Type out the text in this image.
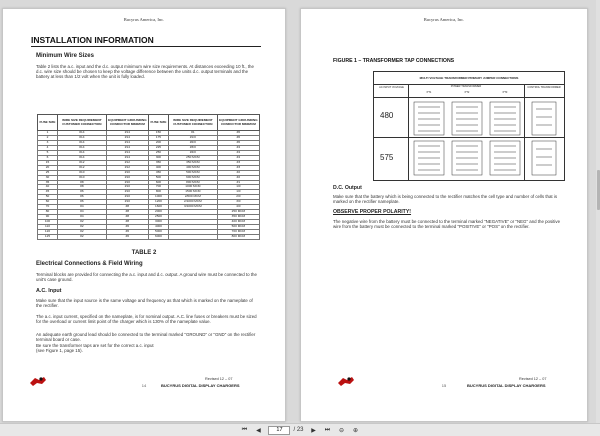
Bucyrus America, Inc.
INSTALLATION INFORMATION
Minimum Wire Sizes
Table 2 lists the a.c. input and the d.c. output minimum wire size requirements. At distances exceeding 10 ft., the d.c. wire size should be chosen to keep the voltage difference between the units d.c. output terminals and the battery at less than 1/2 volt when the unit is fully loaded.
FUSE SIZE	WIRE SIZE REQUIREMENT CUSTOMER CONNECTION	EQUIPMENT GROUNDING CONDUCTOR MINIMUM	FUSE SIZE	WIRE SIZE REQUIREMENT CUSTOMER CONNECTION	EQUIPMENT GROUNDING CONDUCTOR MINIMUM
1	#14	#14	150	#1	#6
2	#14	#14	175	#1/0	#6
3	#14	#14	200	#2/0	#6
4	#14	#14	225	#3/0	#4
5	#14	#14	250	#4/0	#4
6	#14	#14	300	250 MCM	#4
15	#12	#12	350	350 MCM	#3
20	#12	#12	400	400 MCM	#3
25	#10	#10	450	500 MCM	#2
30	#10	#10	500	600 MCM	#2
35	#8	#10	600	800 MCM	#1
40	#8	#10	700	1000 MCM	1/0
45	#6	#10	800	1500 MCM	1/0
50	#6	#10	1000	2/600 MCM	2/0
60	#6	#10	1200	2/1000 MCM	3/0
70	#4	#8	1600	3/1000 MCM	4/0
80	#4	#8	2000		250 MCM
90	#4	#8	2500		350 MCM
100	#2	#8	3000		400 MCM
110	#2	#6	4000		500 MCM
120	#2	#6	5000		700 MCM
125	#2	#6	6000		800 MCM
TABLE 2
Electrical Connections & Field Wiring
Terminal blocks are provided for connecting the a.c. input and d.c. output. A ground wire must be connected to the unit's case ground.
A.C. Input
Make sure that the input source is the same voltage and frequency as that which is marked on the nameplate of the rectifier.
The a.c. input current, specified on the nameplate, is for nominal output. A.C. line fuses or breakers must be sized for the overload or current limit point of the charger which is 130% of the nameplate value.
An adequate earth ground lead should be connected to the terminal marked "GROUND" or "GND" on the rectifier terminal board or case.
Be sure the transformer taps are set for the correct a.c. input
(see Figure 1, page 15).
14
Revised 12 – 07
BUCYRUS DIGITAL DISPLAY CHARGERS
Bucyrus America, Inc.
FIGURE 1 – TRANSFORMER TAP CONNECTIONS
MULTI VOLTAGE TRANSFORMER PRIMARY JUMPER CONNECTIONS
AC INPUT VOLTAGE	POWER TRANSFORMER	CONTROL TRANSFORMER
PT1	PT2	PT3
480
575
D.C. Output
Make sure that the battery which is being connected to the rectifier matches the cell type and number of cells that is marked on the rectifier nameplate.
OBSERVE PROPER POLARITY!
The negative wire from the battery must be connected to the terminal marked "NEGATIVE" or "NEG" and the positive wire from the battery must be connected to the terminal marked "POSITIVE" or "POS" on the rectifier.
15
Revised 12 – 07
BUCYRUS DIGITAL DISPLAY CHARGERS
⏮ ◀
17	/ 23 ▶ ⏭ ⊖ ⊕
